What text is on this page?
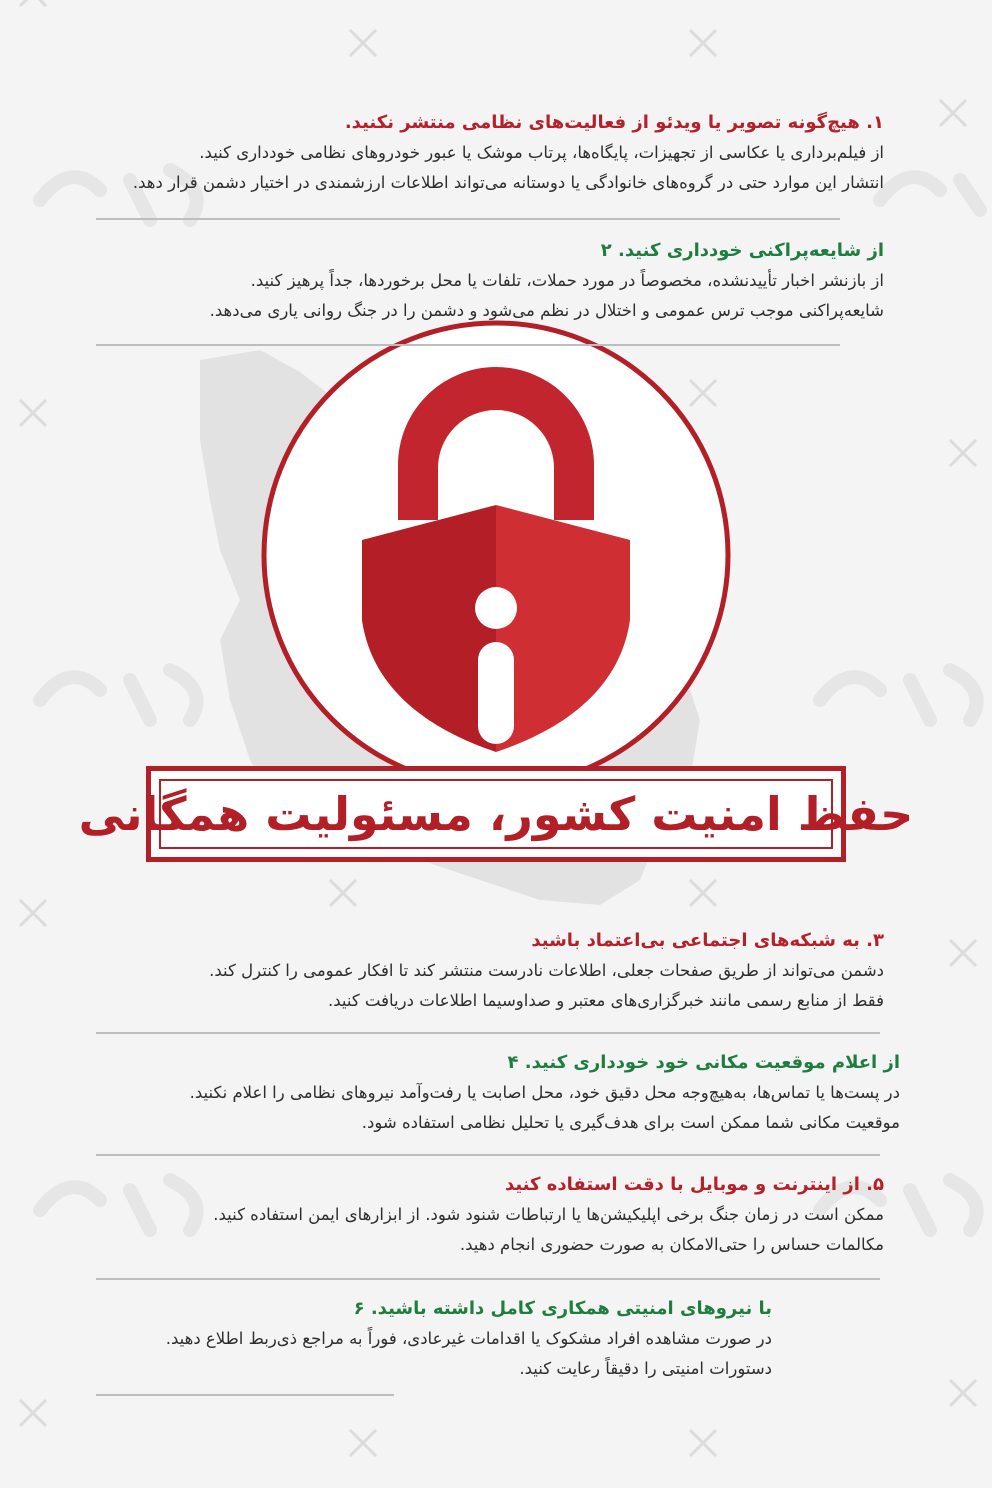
حفظ امنیت کشور، مسئولیت همگانی

۱. هیچ‌گونه تصویر یا ویدئو از فعالیت‌های نظامی منتشر نکنید.

از فیلم‌برداری یا عکاسی از تجهیزات، پایگاه‌ها، پرتاب موشک یا عبور خودروهای نظامی خودداری کنید.

انتشار این موارد حتی در گروه‌های خانوادگی یا دوستانه می‌تواند اطلاعات ارزشمندی در اختیار دشمن قرار دهد.

از شایعه‌پراکنی خودداری کنید. ۲

از بازنشر اخبار تأییدنشده، مخصوصاً در مورد حملات، تلفات یا محل برخوردها، جداً پرهیز کنید.

شایعه‌پراکنی موجب ترس عمومی و اختلال در نظم می‌شود و دشمن را در جنگ روانی یاری می‌دهد.

۳. به شبکه‌های اجتماعی بی‌اعتماد باشید

دشمن می‌تواند از طریق صفحات جعلی، اطلاعات نادرست منتشر کند تا افکار عمومی را کنترل کند.

فقط از منابع رسمی مانند خبرگزاری‌های معتبر و صداوسیما اطلاعات دریافت کنید.

از اعلام موقعیت مکانی خود خودداری کنید. ۴

در پست‌ها یا تماس‌ها، به‌هیچ‌وجه محل دقیق خود، محل اصابت یا رفت‌وآمد نیروهای نظامی را اعلام نکنید.

موقعیت مکانی شما ممکن است برای هدف‌گیری یا تحلیل نظامی استفاده شود.

۵. از اینترنت و موبایل با دقت استفاده کنید

ممکن است در زمان جنگ برخی اپلیکیشن‌ها یا ارتباطات شنود شود. از ابزارهای ایمن استفاده کنید.

مکالمات حساس را حتی‌الامکان به صورت حضوری انجام دهید.

با نیروهای امنیتی همکاری کامل داشته باشید. ۶

در صورت مشاهده افراد مشکوک یا اقدامات غیرعادی، فوراً به مراجع ذی‌ربط اطلاع دهید.

دستورات امنیتی را دقیقاً رعایت کنید.
